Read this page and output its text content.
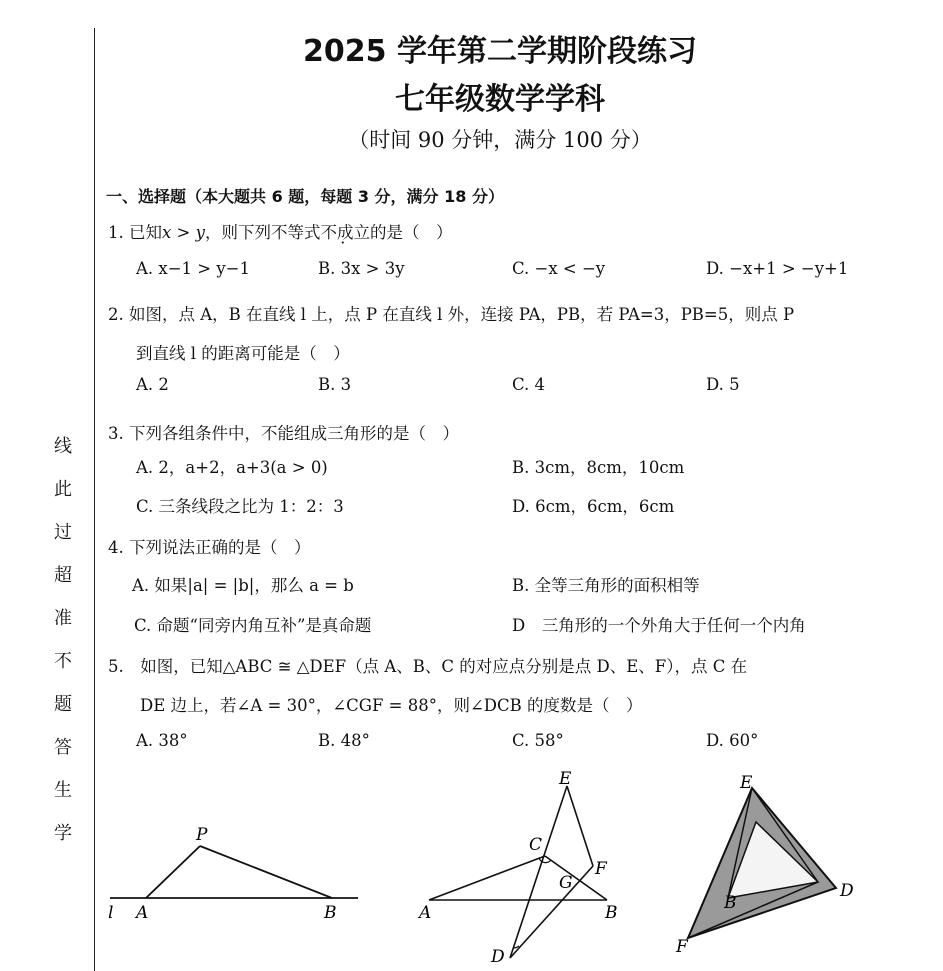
线
此
过
超
准
不
题
答
生
学
2025 学年第二学期阶段练习
七年级数学学科
（时间 90 分钟，满分 100 分）
一、选择题（本大题共 6 题，每题 3 分，满分 18 分）
1. 已知x > y，则下列不等式不成立的是（　）
A. x−1 > y−1	B. 3x > 3y	C. −x < −y	D. −x+1 > −y+1
2. 如图，点 A，B 在直线 l 上，点 P 在直线 l 外，连接 PA，PB，若 PA=3，PB=5，则点 P
到直线 l 的距离可能是（　）
A. 2	B. 3	C. 4	D. 5
3. 下列各组条件中，不能组成三角形的是（　）
A. 2，a+2，a+3(a > 0)	B. 3cm，8cm，10cm
C. 三条线段之比为 1：2：3	D. 6cm，6cm，6cm
4. 下列说法正确的是（　）
A. 如果|a| = |b|，那么 a = b	B. 全等三角形的面积相等
C. 命题“同旁内角互补”是真命题	D　三角形的一个外角大于任何一个内角
5.　如图，已知△ABC ≅ △DEF（点 A、B、C 的对应点分别是点 D、E、F），点 C 在
DE 边上，若∠A = 30°，∠CGF = 88°，则∠DCB 的度数是（　）
A. 38°	B. 48°	C. 58°	D. 60°
P
l A	B
E
C
F
G
A	B
D
E
B
D
F
